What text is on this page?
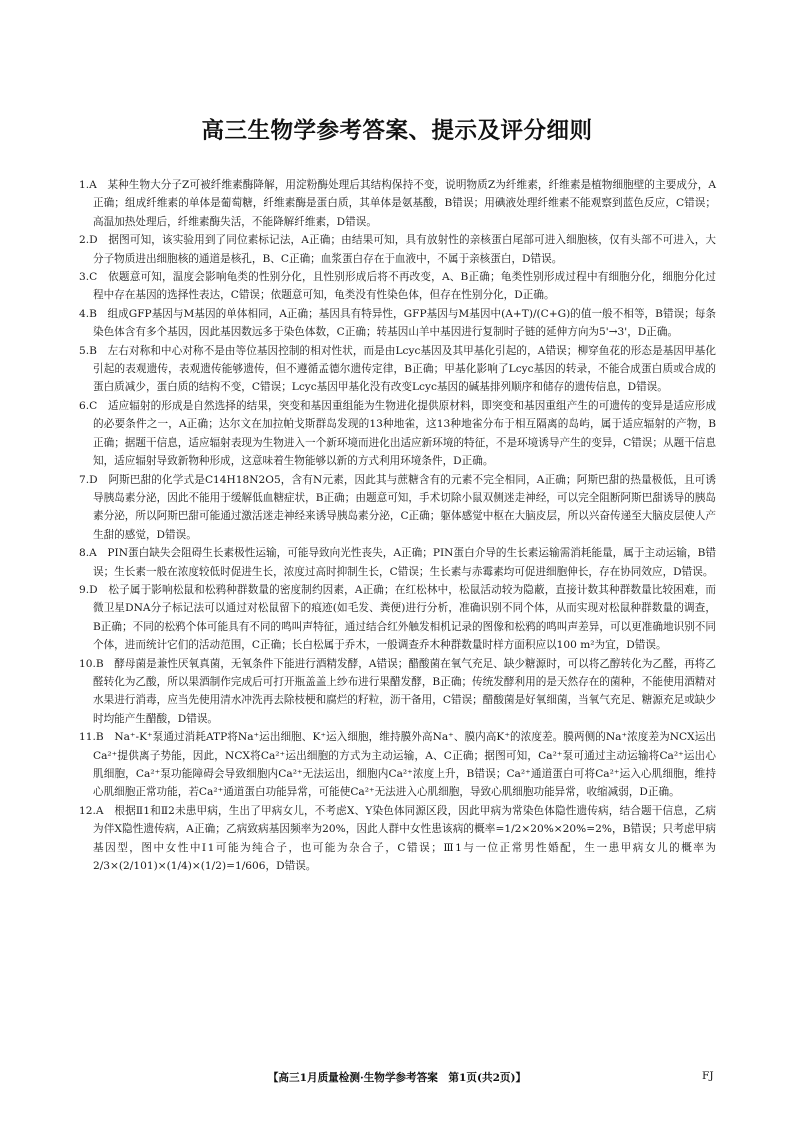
高三生物学参考答案、提示及评分细则

1.A　某种生物大分子Z可被纤维素酶降解，用淀粉酶处理后其结构保持不变，说明物质Z为纤维素，纤维素是植物细胞壁的主要成分，A正确；组成纤维素的单体是葡萄糖，纤维素酶是蛋白质，其单体是氨基酸，B错误；用碘液处理纤维素不能观察到蓝色反应，C错误；高温加热处理后，纤维素酶失活，不能降解纤维素，D错误。

2.D　据图可知，该实验用到了同位素标记法，A正确；由结果可知，具有放射性的亲核蛋白尾部可进入细胞核，仅有头部不可进入，大分子物质进出细胞核的通道是核孔，B、C正确；血浆蛋白存在于血液中，不属于亲核蛋白，D错误。

3.C　依题意可知，温度会影响龟类的性别分化，且性别形成后将不再改变，A、B正确；龟类性别形成过程中有细胞分化，细胞分化过程中存在基因的选择性表达，C错误；依题意可知，龟类没有性染色体，但存在性别分化，D正确。

4.B　组成GFP基因与M基因的单体相同，A正确；基因具有特异性，GFP基因与M基因中(A+T)/(C+G)的值一般不相等，B错误；每条染色体含有多个基因，因此基因数远多于染色体数，C正确；转基因山羊中基因进行复制时子链的延伸方向为5'→3'，D正确。

5.B　左右对称和中心对称不是由等位基因控制的相对性状，而是由Lcyc基因及其甲基化引起的，A错误；柳穿鱼花的形态是基因甲基化引起的表观遗传，表观遗传能够遗传，但不遵循孟德尔遗传定律，B正确；甲基化影响了Lcyc基因的转录，不能合成蛋白质或合成的蛋白质减少，蛋白质的结构不变，C错误；Lcyc基因甲基化没有改变Lcyc基因的碱基排列顺序和储存的遗传信息，D错误。

6.C　适应辐射的形成是自然选择的结果，突变和基因重组能为生物进化提供原材料，即突变和基因重组产生的可遗传的变异是适应形成的必要条件之一，A正确；达尔文在加拉帕戈斯群岛发现的13种地雀，这13种地雀分布于相互隔离的岛屿，属于适应辐射的产物，B正确；据题干信息，适应辐射表现为生物进入一个新环境而进化出适应新环境的特征，不是环境诱导产生的变异，C错误；从题干信息知，适应辐射导致新物种形成，这意味着生物能够以新的方式利用环境条件，D正确。

7.D　阿斯巴甜的化学式是C14H18N2O5，含有N元素，因此其与蔗糖含有的元素不完全相同，A正确；阿斯巴甜的热量极低，且可诱导胰岛素分泌，因此不能用于缓解低血糖症状，B正确；由题意可知，手术切除小鼠双侧迷走神经，可以完全阻断阿斯巴甜诱导的胰岛素分泌，所以阿斯巴甜可能通过激活迷走神经来诱导胰岛素分泌，C正确；躯体感觉中枢在大脑皮层，所以兴奋传递至大脑皮层使人产生甜的感觉，D错误。

8.A　PIN蛋白缺失会阻碍生长素极性运输，可能导致向光性丧失，A正确；PIN蛋白介导的生长素运输需消耗能量，属于主动运输，B错误；生长素一般在浓度较低时促进生长，浓度过高时抑制生长，C错误；生长素与赤霉素均可促进细胞伸长，存在协同效应，D错误。

9.D　松子属于影响松鼠和松鸦种群数量的密度制约因素，A正确；在红松林中，松鼠活动较为隐蔽，直接计数其种群数量比较困难，而微卫星DNA分子标记法可以通过对松鼠留下的痕迹(如毛发、粪便)进行分析，准确识别不同个体，从而实现对松鼠种群数量的调查，B正确；不同的松鸦个体可能具有不同的鸣叫声特征，通过结合红外触发相机记录的图像和松鸦的鸣叫声差异，可以更准确地识别不同个体，进而统计它们的活动范围，C正确；长白松属于乔木，一般调查乔木种群数量时样方面积应以100 m²为宜，D错误。

10.B　酵母菌是兼性厌氧真菌，无氧条件下能进行酒精发酵，A错误；醋酸菌在氧气充足、缺少糖源时，可以将乙醇转化为乙醛，再将乙醛转化为乙酸，所以果酒制作完成后可打开瓶盖盖上纱布进行果醋发酵，B正确；传统发酵利用的是天然存在的菌种，不能使用酒精对水果进行消毒，应当先使用清水冲洗再去除枝梗和腐烂的籽粒，沥干备用，C错误；醋酸菌是好氧细菌，当氧气充足、糖源充足或缺少时均能产生醋酸，D错误。

11.B　Na⁺-K⁺泵通过消耗ATP将Na⁺运出细胞、K⁺运入细胞，维持膜外高Na⁺、膜内高K⁺的浓度差。膜两侧的Na⁺浓度差为NCX运出Ca²⁺提供离子势能，因此，NCX将Ca²⁺运出细胞的方式为主动运输，A、C正确；据图可知，Ca²⁺泵可通过主动运输将Ca²⁺运出心肌细胞，Ca²⁺泵功能障碍会导致细胞内Ca²⁺无法运出，细胞内Ca²⁺浓度上升，B错误；Ca²⁺通道蛋白可将Ca²⁺运入心肌细胞，维持心肌细胞正常功能，若Ca²⁺通道蛋白功能异常，可能使Ca²⁺无法进入心肌细胞，导致心肌细胞功能异常，收缩减弱，D正确。

12.A　根据Ⅱ1和Ⅱ2未患甲病，生出了甲病女儿，不考虑X、Y染色体同源区段，因此甲病为常染色体隐性遗传病，结合题干信息，乙病为伴X隐性遗传病，A正确；乙病致病基因频率为20%，因此人群中女性患该病的概率=1/2×20%×20%=2%，B错误；只考虑甲病基因型，图中女性中Ⅰ1可能为纯合子，也可能为杂合子，C错误；Ⅲ1与一位正常男性婚配，生一患甲病女儿的概率为2/3×(2/101)×(1/4)×(1/2)=1/606，D错误。

【高三1月质量检测·生物学参考答案　第1页(共2页)】	FJ
